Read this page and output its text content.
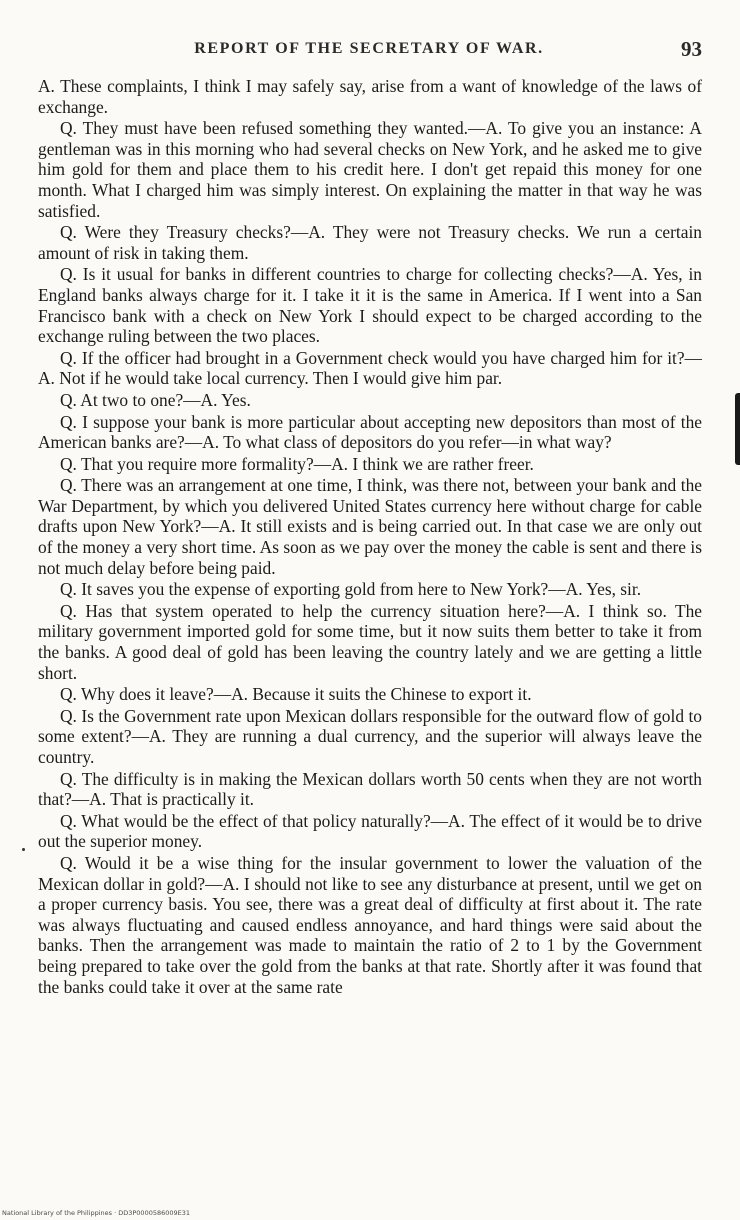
REPORT OF THE SECRETARY OF WAR.	93

A. These complaints, I think I may safely say, arise from a want of knowledge of the laws of exchange.

Q. They must have been refused something they wanted.—A. To give you an instance: A gentleman was in this morning who had several checks on New York, and he asked me to give him gold for them and place them to his credit here. I don't get repaid this money for one month. What I charged him was simply interest. On explaining the matter in that way he was satisfied.

Q. Were they Treasury checks?—A. They were not Treasury checks. We run a certain amount of risk in taking them.

Q. Is it usual for banks in different countries to charge for collecting checks?—A. Yes, in England banks always charge for it. I take it it is the same in America. If I went into a San Francisco bank with a check on New York I should expect to be charged according to the exchange ruling between the two places.

Q. If the officer had brought in a Government check would you have charged him for it?—A. Not if he would take local currency. Then I would give him par.

Q. At two to one?—A. Yes.

Q. I suppose your bank is more particular about accepting new depositors than most of the American banks are?—A. To what class of depositors do you refer—in what way?

Q. That you require more formality?—A. I think we are rather freer.

Q. There was an arrangement at one time, I think, was there not, between your bank and the War Department, by which you delivered United States currency here without charge for cable drafts upon New York?—A. It still exists and is being carried out. In that case we are only out of the money a very short time. As soon as we pay over the money the cable is sent and there is not much delay before being paid.

Q. It saves you the expense of exporting gold from here to New York?—A. Yes, sir.

Q. Has that system operated to help the currency situation here?—A. I think so. The military government imported gold for some time, but it now suits them better to take it from the banks. A good deal of gold has been leaving the country lately and we are getting a little short.

Q. Why does it leave?—A. Because it suits the Chinese to export it.

Q. Is the Government rate upon Mexican dollars responsible for the outward flow of gold to some extent?—A. They are running a dual currency, and the superior will always leave the country.

Q. The difficulty is in making the Mexican dollars worth 50 cents when they are not worth that?—A. That is practically it.

Q. What would be the effect of that policy naturally?—A. The effect of it would be to drive out the superior money.

Q. Would it be a wise thing for the insular government to lower the valuation of the Mexican dollar in gold?—A. I should not like to see any disturbance at present, until we get on a proper currency basis. You see, there was a great deal of difficulty at first about it. The rate was always fluctuating and caused endless annoyance, and hard things were said about the banks. Then the arrangement was made to maintain the ratio of 2 to 1 by the Government being prepared to take over the gold from the banks at that rate. Shortly after it was found that the banks could take it over at the same rate

National Library of the Philippines · DD3P0000586009E31
